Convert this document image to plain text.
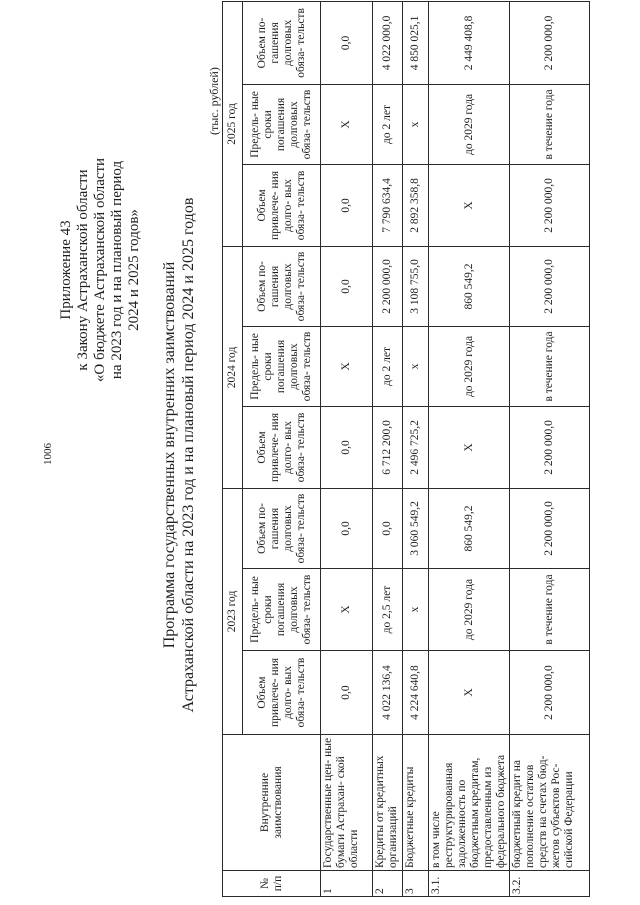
1006
Приложение 43 к Закону Астраханской области «О бюджете Астраханской области на 2023 год и на плановый период 2024 и 2025 годов» Программа государственных внутренних заимствований Астраханской области на 2023 год и на плановый период 2024 и 2025 годов
(тыс. рублей)
№ п/п	Внутренние заимствования	2023 год			2024 год			2025 год		
		Объем привлече- ния долго- вых обяза- тельств	Предель- ные сроки погашения долговых обяза- тельств	Объем по- гашения долговых обяза- тельств	Объем привлече- ния долго- вых обяза- тельств	Предель- ные сроки погашения долговых обяза- тельств	Объем по- гашения долговых обяза- тельств	Объем привлече- ния долго- вых обяза- тельств	Предель- ные сроки погашения долговых обяза- тельств	Объем по- гашения долговых обяза- тельств
1	Государственные цен- ные бумаги Астрахан- ской области	0,0	X	0,0	0,0	X	0,0	0,0	X	0,0
2	Кредиты от кредитных организаций	4 022 136,4	до 2,5 лет	0,0	6 712 200,0	до 2 лет	2 200 000,0	7 790 634,4	до 2 лет	4 022 000,0
3	Бюджетные кредиты	4 224 640,8	x	3 060 549,2	2 496 725,2	x	3 108 755,0	2 892 358,8	x	4 850 025,1
3.1.	в том числе реструктурированная задолженность по бюджетным кредитам, предоставленным из федерального бюджета	X	до 2029 года	860 549,2	X	до 2029 года	860 549,2	X	до 2029 года	2 449 408,8
3.2.	бюджетный кредит на пополнение остатков средств на счетах бюд- жетов субъектов Рос- сийской Федерации	2 200 000,0	в течение года	2 200 000,0	2 200 000,0	в течение года	2 200 000,0	2 200 000,0	в течение года	2 200 000,0
